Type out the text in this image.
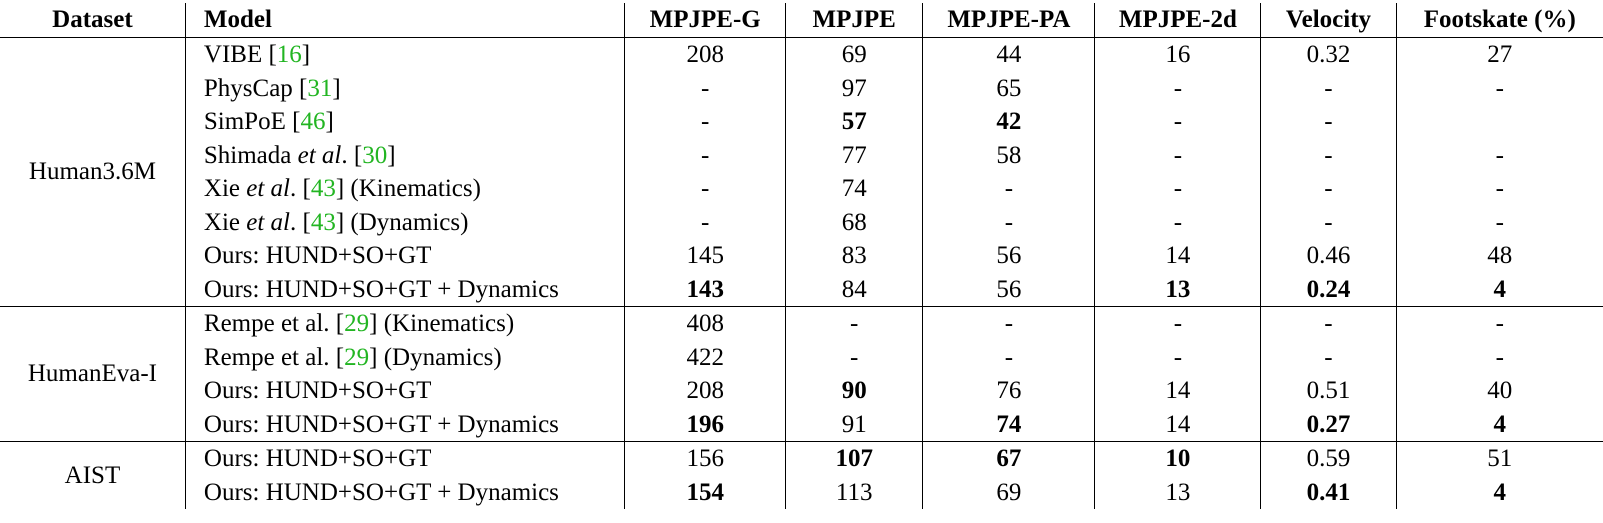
Dataset	Model	MPJPE-G	MPJPE	MPJPE-PA	MPJPE-2d	Velocity	Footskate (%)
Human3.6M	VIBE [16]	208	69	44	16	0.32	27
	PhysCap [31]	-	97	65	-	-	-
	SimPoE [46]	-	57	42	-	-	
	Shimada et al. [30]	-	77	58	-	-	-
	Xie et al. [43] (Kinematics)	-	74	-	-	-	-
	Xie et al. [43] (Dynamics)	-	68	-	-	-	-
	Ours: HUND+SO+GT	145	83	56	14	0.46	48
	Ours: HUND+SO+GT + Dynamics	143	84	56	13	0.24	4
HumanEva-I	Rempe et al. [29] (Kinematics)	408	-	-	-	-	-
	Rempe et al. [29] (Dynamics)	422	-	-	-	-	-
	Ours: HUND+SO+GT	208	90	76	14	0.51	40
	Ours: HUND+SO+GT + Dynamics	196	91	74	14	0.27	4
AIST	Ours: HUND+SO+GT	156	107	67	10	0.59	51
	Ours: HUND+SO+GT + Dynamics	154	113	69	13	0.41	4
